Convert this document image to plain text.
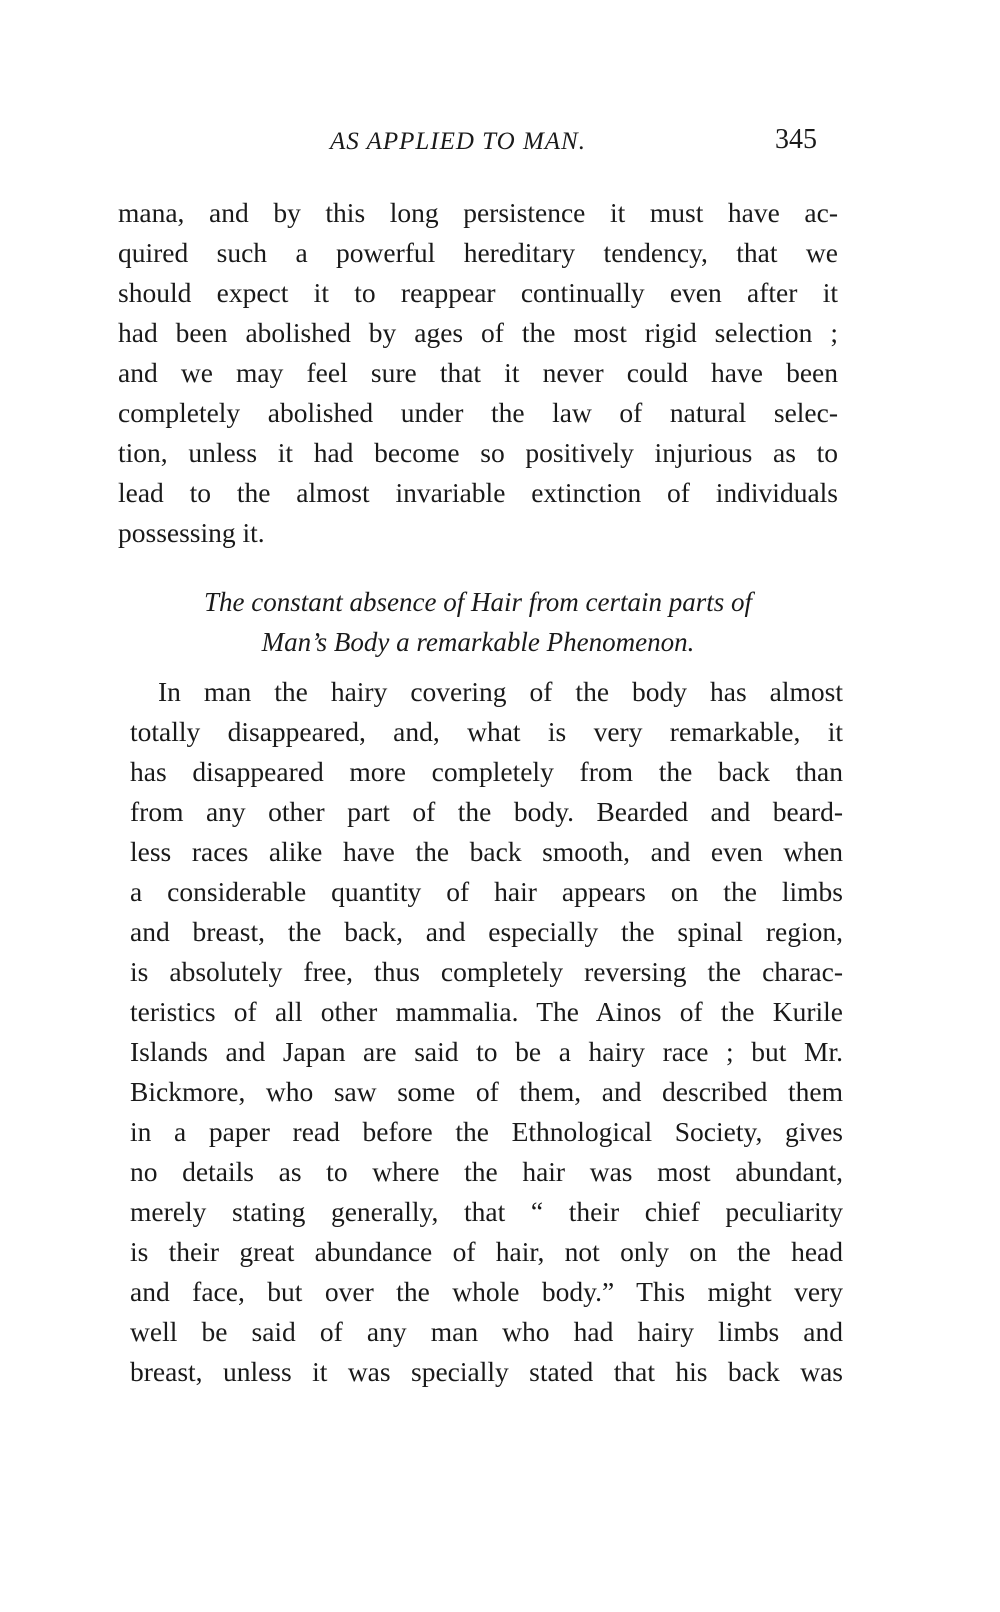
AS APPLIED TO MAN.	345
mana, and by this long persistence it must have ac-
quired such a powerful hereditary tendency, that we
should expect it to reappear continually even after it
had been abolished by ages of the most rigid selection ;
and we may feel sure that it never could have been
completely abolished under the law of natural selec-
tion, unless it had become so positively injurious as to
lead to the almost invariable extinction of individuals
possessing it.
The constant absence of Hair from certain parts of
Man’s Body a remarkable Phenomenon.
In man the hairy covering of the body has almost
totally disappeared, and, what is very remarkable, it
has disappeared more completely from the back than
from any other part of the body. Bearded and beard-
less races alike have the back smooth, and even when
a considerable quantity of hair appears on the limbs
and breast, the back, and especially the spinal region,
is absolutely free, thus completely reversing the charac-
teristics of all other mammalia. The Ainos of the Kurile
Islands and Japan are said to be a hairy race ; but Mr.
Bickmore, who saw some of them, and described them
in a paper read before the Ethnological Society, gives
no details as to where the hair was most abundant,
merely stating generally, that “ their chief peculiarity
is their great abundance of hair, not only on the head
and face, but over the whole body.” This might very
well be said of any man who had hairy limbs and
breast, unless it was specially stated that his back was
